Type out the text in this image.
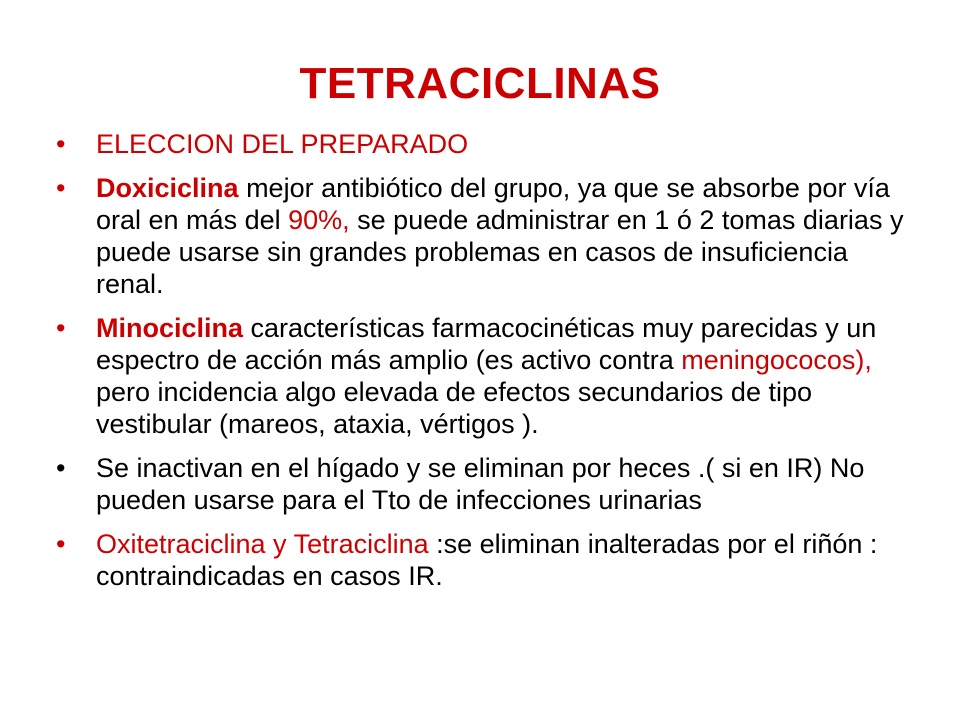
TETRACICLINAS
•	ELECCION DEL PREPARADO
•	Doxiciclina mejor antibiótico del grupo, ya que se absorbe por vía oral en más del 90%, se puede administrar en 1 ó 2 tomas diarias y puede usarse sin grandes problemas en casos de insuficiencia renal.
•	Minociclina características farmacocinéticas muy parecidas y un espectro de acción más amplio (es activo contra meningococos), pero incidencia algo elevada de efectos secundarios de tipo vestibular (mareos, ataxia, vértigos ).
•	Se inactivan en el hígado y se eliminan por heces .( si en IR) No pueden usarse para el Tto de infecciones urinarias
•	Oxitetraciclina y Tetraciclina :se eliminan inalteradas por el riñón : contraindicadas en casos IR.
